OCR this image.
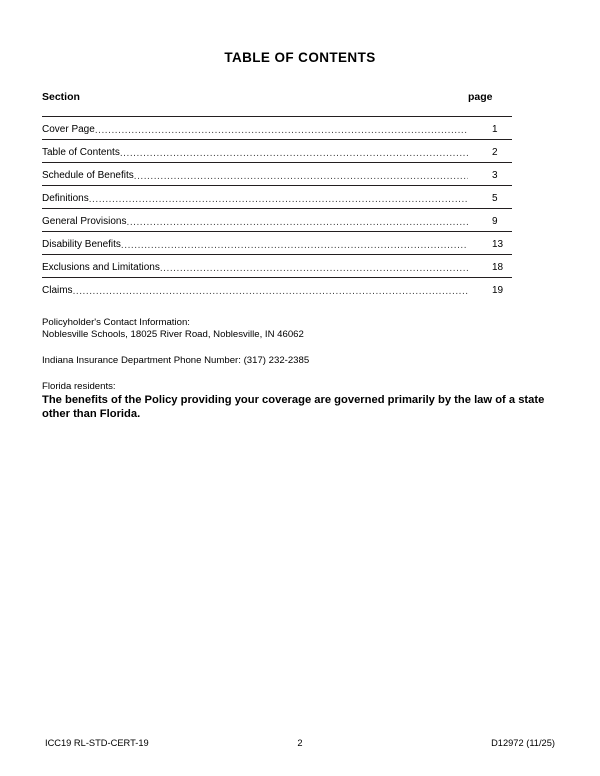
TABLE OF CONTENTS
Section	page
Cover Page .....	1
Table of Contents .....	2
Schedule of Benefits .....	3
Definitions .....	5
General Provisions .....	9
Disability Benefits .....	13
Exclusions and Limitations .....	18
Claims .....	19
Policyholder's Contact Information:
Noblesville Schools, 18025 River Road, Noblesville, IN 46062
Indiana Insurance Department Phone Number: (317) 232-2385
Florida residents:
The benefits of the Policy providing your coverage are governed primarily by the law of a state other than Florida.
ICC19 RL-STD-CERT-19	2	D12972 (11/25)
